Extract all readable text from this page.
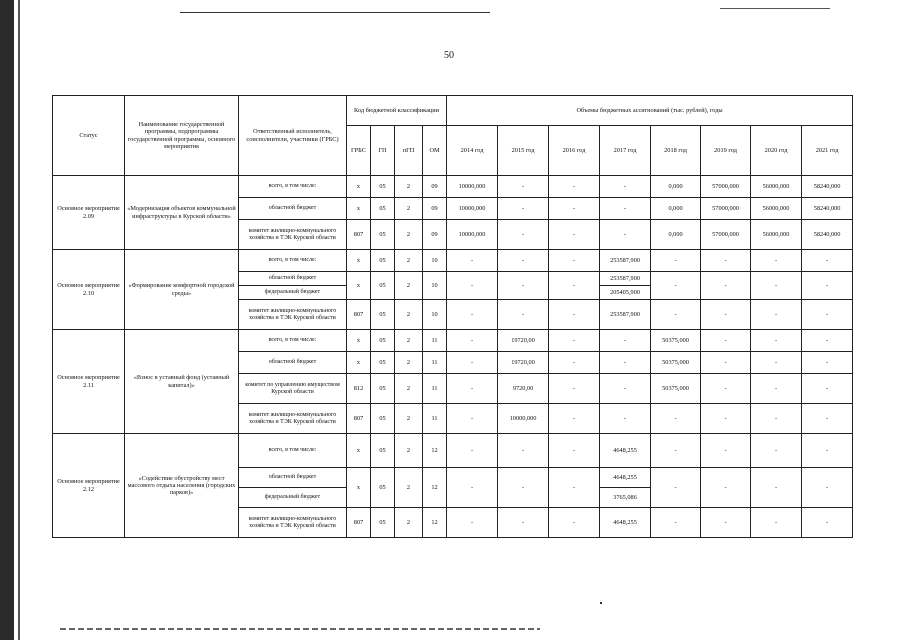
50
Статус	Наименование государственной программы, подпрограммы государственной программы, основного мероприятия	Ответственный исполнитель, соисполнители, участники (ГРБС)	Код бюджетной классификации				Объемы бюджетных ассигнований (тыс. рублей), годы							
			ГРБС	ГП	пГП	ОМ	2014 год	2015 год	2016 год	2017 год	2018 год	2019 год	2020 год	2021 год
Основное мероприятие 2.09	«Модернизация объектов коммунальной инфраструктуры в Курской области»	всего, в том числе:	х	05	2	09	10000,000	-	-	-	0,000	57000,000	56000,000	58240,000
		областной бюджет	х	05	2	09	10000,000	-	-	-	0,000	57000,000	56000,000	58240,000
		комитет жилищно-коммунального хозяйства и ТЭК Курской области	807	05	2	09	10000,000	-	-	-	0,000	57000,000	56000,000	58240,000
Основное мероприятие 2.10	«Формирование комфортной городской среды»	всего, в том числе:	х	05	2	10	-	-	-	253587,900	-	-	-	-
		областной бюджет	х	05	2	10	-	-	-	253587,900	-	-	-	-
		федеральный бюджет								205405,900				
		комитет жилищно-коммунального хозяйства и ТЭК Курской области	807	05	2	10	-	-	-	253587,900	-	-	-	-
Основное мероприятие 2.11	«Взнос в уставный фонд (уставный капитал)»	всего, в том числе:	х	05	2	11	-	19720,00	-	-	50375,000	-	-	-
		областной бюджет	х	05	2	11	-	19720,00	-	-	50375,000	-	-	-
		комитет по управлению имуществом Курской области	812	05	2	11	-	9720,00	-	-	50375,000	-	-	-
		комитет жилищно-коммунального хозяйства и ТЭК Курской области	807	05	2	11	-	10000,000	-	-	-	-	-	-
Основное мероприятие 2.12	«Содействие обустройству мест массового отдыха населения (городских парков)»	всего, в том числе:	х	05	2	12	-	-	-	4648,255	-	-	-	-
		областной бюджет	х	05	2	12	-	-	-	4648,255	-	-	-	-
		федеральный бюджет								3765,086				
		комитет жилищно-коммунального хозяйства и ТЭК Курской области	807	05	2	12	-	-	-	4648,255	-	-	-	-
